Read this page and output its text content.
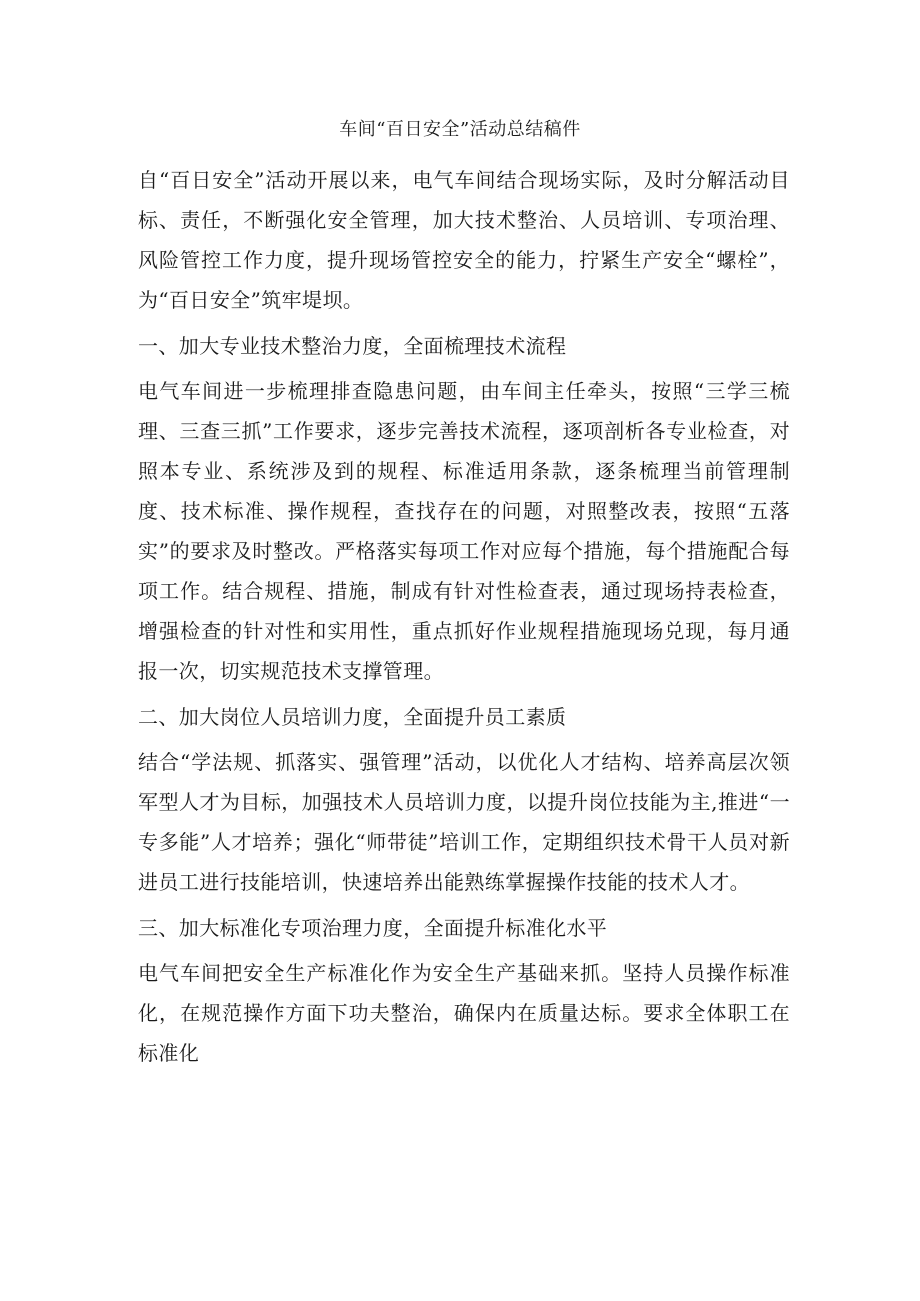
车间“百日安全”活动总结稿件

自“百日安全”活动开展以来，电气车间结合现场实际，及时分解活动目标、责任，不断强化安全管理，加大技术整治、人员培训、专项治理、风险管控工作力度，提升现场管控安全的能力，拧紧生产安全“螺栓”，为“百日安全”筑牢堤坝。

一、加大专业技术整治力度，全面梳理技术流程

电气车间进一步梳理排查隐患问题，由车间主任牵头，按照“三学三梳理、三查三抓”工作要求，逐步完善技术流程，逐项剖析各专业检查，对照本专业、系统涉及到的规程、标准适用条款，逐条梳理当前管理制度、技术标准、操作规程，查找存在的问题，对照整改表，按照“五落实”的要求及时整改。严格落实每项工作对应每个措施，每个措施配合每项工作。结合规程、措施，制成有针对性检查表，通过现场持表检查，增强检查的针对性和实用性，重点抓好作业规程措施现场兑现，每月通报一次，切实规范技术支撑管理。

二、加大岗位人员培训力度，全面提升员工素质

结合“学法规、抓落实、强管理”活动，以优化人才结构、培养高层次领军型人才为目标，加强技术人员培训力度，以提升岗位技能为主,推进“一专多能”人才培养；强化“师带徒”培训工作，定期组织技术骨干人员对新进员工进行技能培训，快速培养出能熟练掌握操作技能的技术人才。

三、加大标准化专项治理力度，全面提升标准化水平

电气车间把安全生产标准化作为安全生产基础来抓。坚持人员操作标准化，在规范操作方面下功夫整治，确保内在质量达标。要求全体职工在标准化
